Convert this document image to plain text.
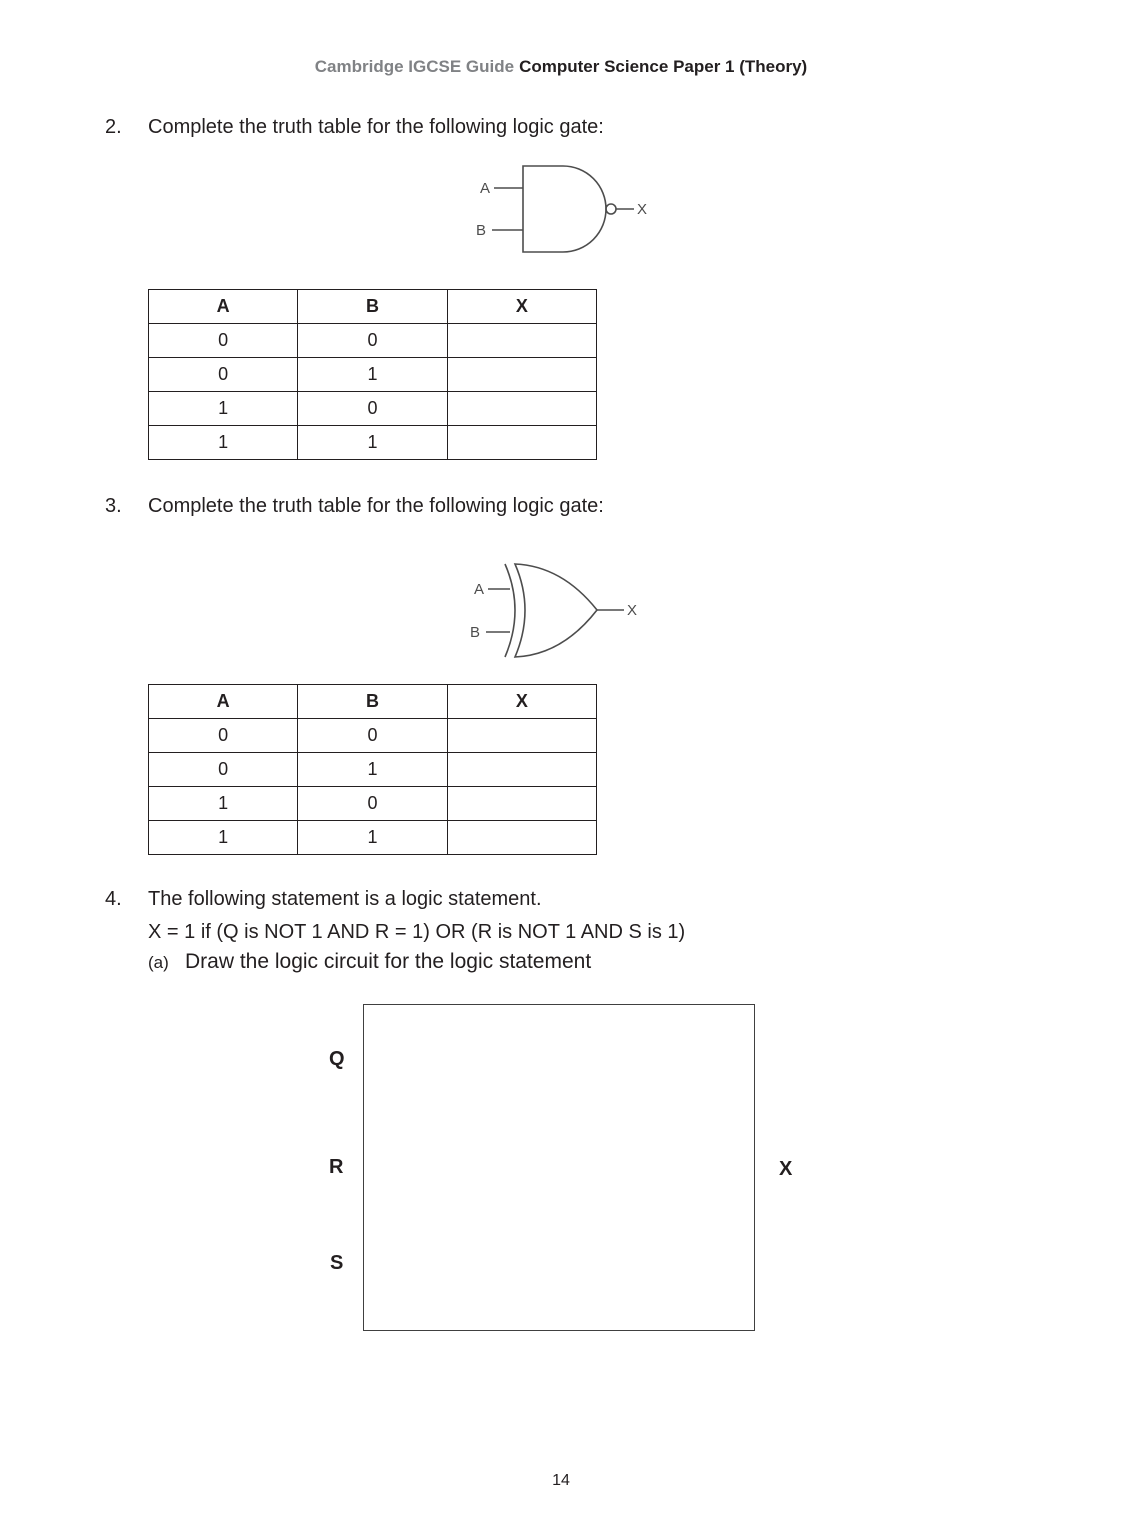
Cambridge IGCSE Guide Computer Science Paper 1 (Theory)
2.	Complete the truth table for the following logic gate:
A
B
X
A	B	X
0	0	
0	1	
1	0	
1	1	
3.	Complete the truth table for the following logic gate:
A
B
X
A	B	X
0	0	
0	1	
1	0	
1	1	
4.	The following statement is a logic statement.
X = 1 if (Q is NOT 1 AND R = 1) OR (R is NOT 1 AND S is 1)
(a) Draw the logic circuit for the logic statement
Q
R
S
X
14
